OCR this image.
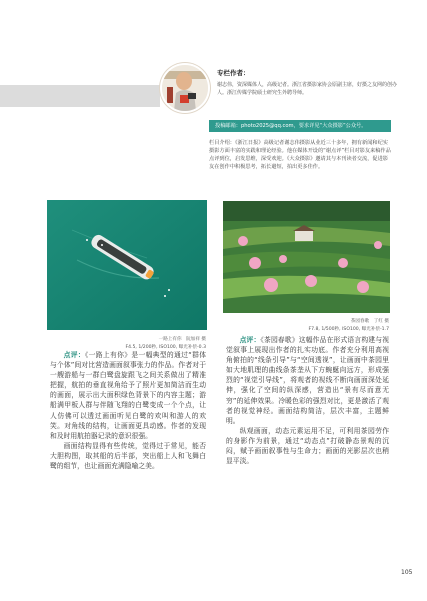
专栏作者：
谢志伟，资深媒体人，高级记者。浙江省摄影家协会原副主席，好摄之友网的创办人。浙江传媒学院硕士研究生外聘导师。
投稿邮箱：photo2025@qq.com，要求详见“大众摄影”公众号。
栏目介绍：《浙江日报》高级记者谢志伟摄影从业近三十多年，拥有新闻和纪实摄影方面丰富的实践和理论经验。他在媒体开设的“谢点评”栏目对影友来稿作品点评到位，启发思维，深受欢迎。《大众摄影》邀请其与本刊读者交流，促进影友在创作中积极思考，拓长避短，拍出更多佳作。
一路上有你　阮加祥 摄
F4.5, 1/200秒, ISO100, 曝光补偿-0.3
茶园春歌　丁红 摄
F7.8, 1/500秒, ISO100, 曝光补偿-1.7

点评：《一路上有你》是一幅典型的通过“群体与个体”间对比营造画面叙事张力的作品。作者对于一艘游船与一群白鹭盘旋跟飞之间关系做出了精准把握，航拍的垂直视角给予了照片更加简洁而生动的画面，展示出大面积绿色背景下的内容主题；游船满甲板人群与伴随飞翔的白鹭变成一个个点，让人仿佛可以透过画面听见白鹭的欢叫和游人的欢笑。对角线的结构，让画面更具动感。作者的发现和及时用航拍器记录的意识很强。

画面结构显得有些传统，觉得过于常见，能否大胆构图，取其船的后半部，突出船上人和飞舞白鹭的组节，也让画面充满隐喻之美。

点评：《茶园春歌》这幅作品在形式语言构建与视觉叙事上展现出作者的扎实功底。作者充分利用高视角俯拍的“线条引导”与“空间透视”，让画面中茶园里如大地肌理的曲线条茶垄从下方蜿蜒向远方，形成强烈的“视觉引导线”，将观者的视线不断向画面深处延伸，强化了空间的纵深感，营造出“景有尽而意无穷”的延伸效果。冷暖色彩的强烈对比，更是激活了观者的视觉神经。画面结构简洁，层次丰富，主题鲜明。

纵观画面，动态元素运用不足，可利用茶园劳作的身影作为前景，通过“动态点”打破静态景观的沉闷，赋予画面叙事性与生命力；画面的光影层次也稍显平淡。

105
